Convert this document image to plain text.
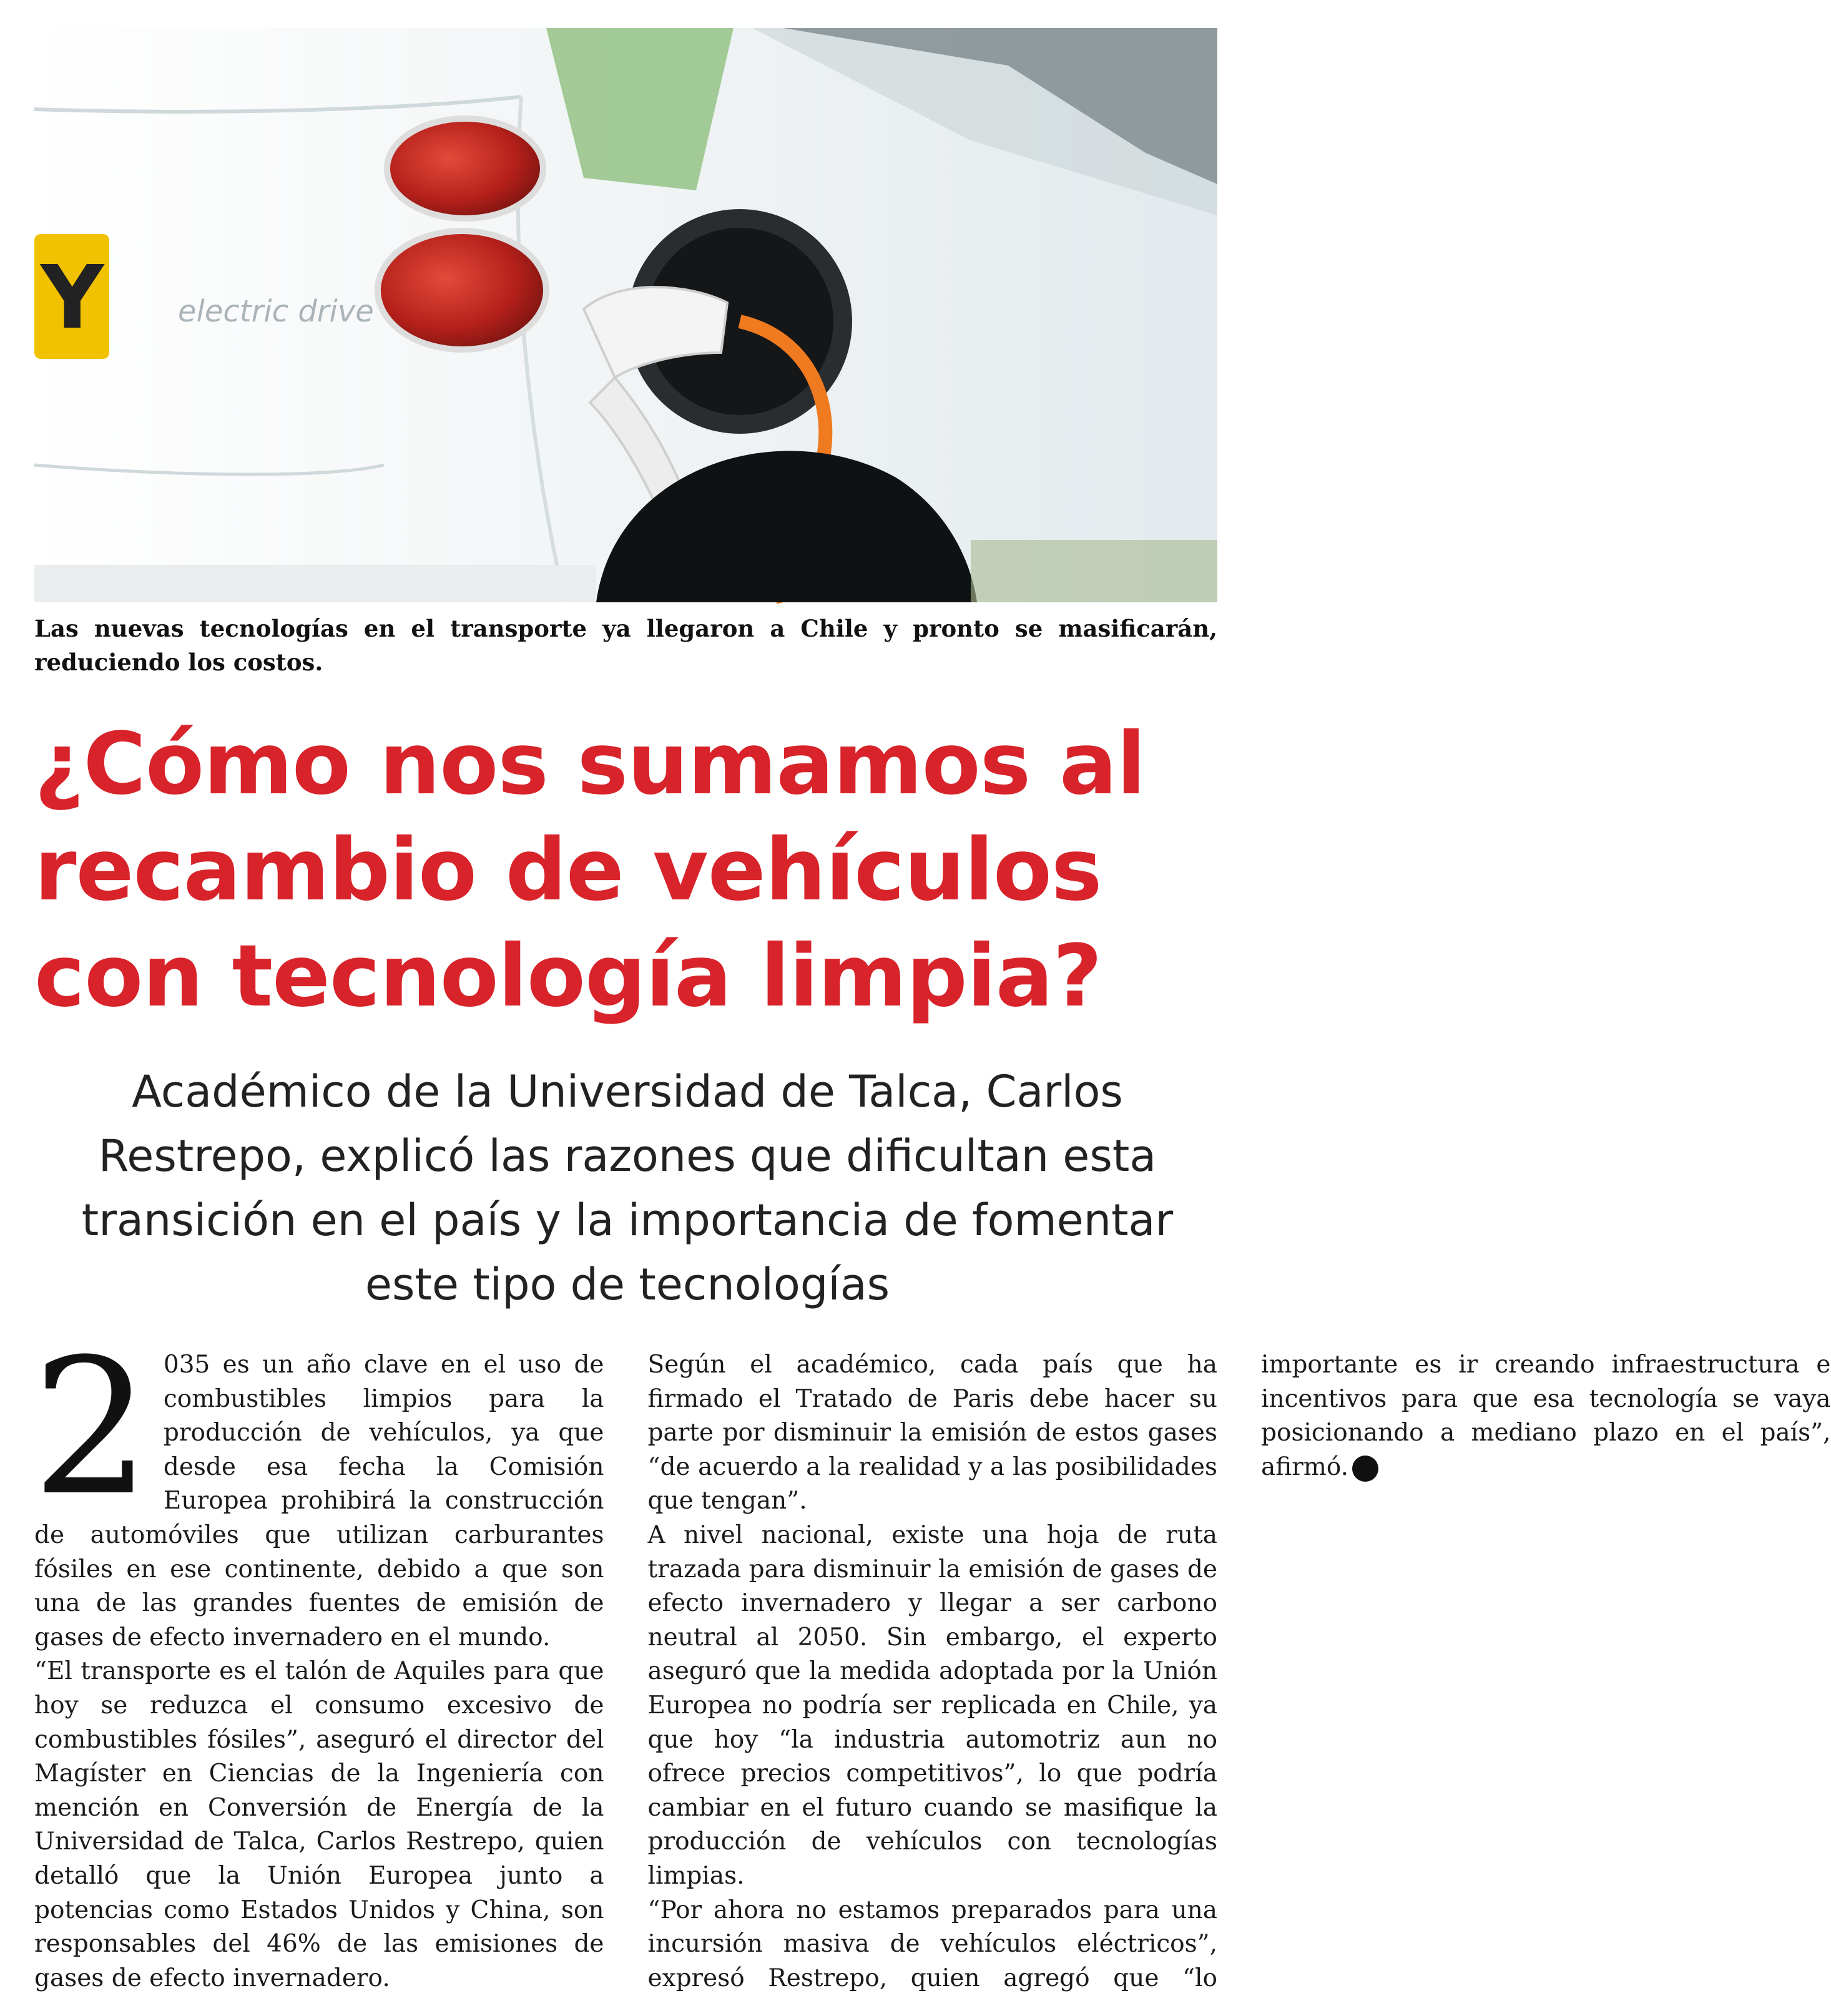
Y electric drive

Las nuevas tecnologías en el transporte ya llegaron a Chile y pronto se masificarán, reduciendo los costos.

¿Cómo nos sumamos al recambio de vehículos con tecnología limpia?
Académico de la Universidad de Talca, Carlos Restrepo, explicó las razones que dificultan esta transición en el país y la importancia de fomentar este tipo de tecnologías

2 035 es un año clave en el uso de combustibles limpios para la producción de vehículos, ya que desde esa fecha la Comisión Europea prohibirá la construcción de automóviles que utilizan carburantes fósiles en ese continente, debido a que son una de las grandes fuentes de emisión de gases de efecto invernadero en el mundo.

“El transporte es el talón de Aquiles para que hoy se reduzca el consumo excesivo de combustibles fósiles”, aseguró el director del Magíster en Ciencias de la Ingeniería con mención en Conversión de Energía de la Universidad de Talca, Carlos Restrepo, quien detalló que la Unión Europea junto a potencias como Estados Unidos y China, son responsables del 46% de las emisiones de gases de efecto invernadero.

Según el académico, cada país que ha firmado el Tratado de Paris debe hacer su parte por disminuir la emisión de estos gases “de acuerdo a la realidad y a las posibilidades que tengan”.

A nivel nacional, existe una hoja de ruta trazada para disminuir la emisión de gases de efecto invernadero y llegar a ser carbono neutral al 2050. Sin embargo, el experto aseguró que la medida adoptada por la Unión Europea no podría ser replicada en Chile, ya que hoy “la industria automotriz aun no ofrece precios competitivos”, lo que podría cambiar en el futuro cuando se masifique la producción de vehículos con tecnologías limpias.

“Por ahora no estamos preparados para una incursión masiva de vehículos eléctricos”, expresó Restrepo, quien agregó que “lo importante es ir creando infraestructura e incentivos para que esa tecnología se vaya posicionando a mediano plazo en el país”, afirmó.
